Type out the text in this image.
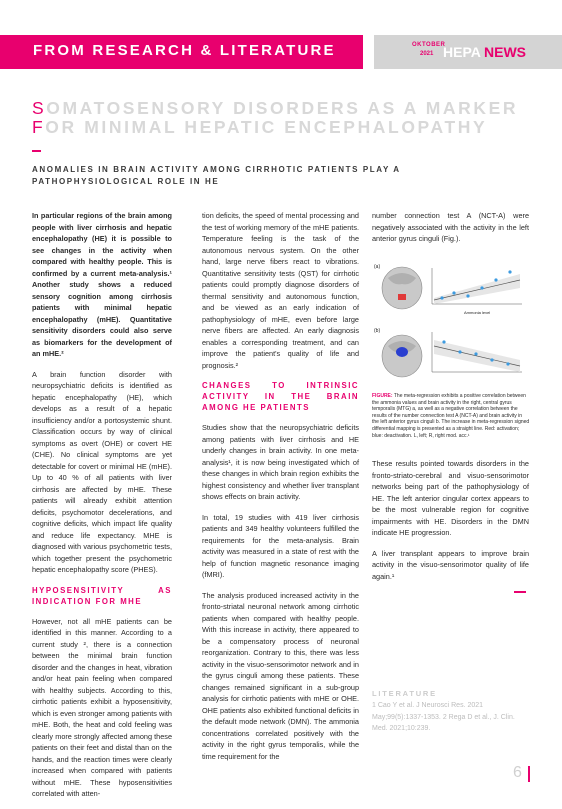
FROM RESEARCH & LITERATURE	OKTOBER
2021 HEPA NEWS
SOMATOSENSORY DISORDERS AS A MARKER
FOR MINIMAL HEPATIC ENCEPHALOPATHY
ANOMALIES IN BRAIN ACTIVITY AMONG CIRRHOTIC PATIENTS PLAY A PATHOPHYSIOLOGICAL ROLE IN HE

In particular regions of the brain among people with liver cirrhosis and hepatic encephalopathy (HE) it is possible to see changes in the activity when compared with healthy people. This is confirmed by a current meta-analysis.¹ Another study shows a reduced sensory cognition among cirrhosis patients with minimal hepatic encephalopathy (mHE). Quantitative sensitivity disorders could also serve as biomarkers for the development of an mHE.²

A brain function disorder with neuropsychiatric deficits is identified as hepatic encephalopathy (HE), which develops as a result of a hepatic insufficiency and/or a portosystemic shunt. Classification occurs by way of clinical symptoms as overt (OHE) or covert HE (CHE). No clinical symptoms are yet detectable for covert or minimal HE (mHE). Up to 40 % of all patients with liver cirrhosis are affected by mHE. These patients will already exhibit attention deficits, psychomotor decelerations, and cognitive deficits, which impact life quality and reduce life expectancy. MHE is diagnosed with various psychometric tests, which together present the psychometric hepatic encephalopathy score (PHES).

HYPOSENSITIVITY AS INDICATION FOR MHE

However, not all mHE patients can be identified in this manner. According to a current study ², there is a connection between the minimal brain function disorder and the changes in heat, vibration and/or heat pain feeling when compared with healthy subjects. According to this, cirrhotic patients exhibit a hyposensitivity, which is even stronger among patients with mHE. Both, the heat and cold feeling was clearly more strongly affected among these patients on their feet and distal than on the hands, and the reaction times were clearly increased when compared with patients without mHE. These hyposensitivities correlated with atten-

tion deficits, the speed of mental processing and the test of working memory of the mHE patients. Temperature feeling is the task of the autonomous nervous system. On the other hand, large nerve fibers react to vibrations. Quantitative sensitivity tests (QST) for cirrhotic patients could promptly diagnose disorders of thermal sensitivity and autonomous function, and be viewed as an early indication of pathophysiology of mHE, even before large nerve fibers are affected. An early diagnosis enables a corresponding treatment, and can improve the patient's quality of life and prognosis.²

CHANGES TO INTRINSIC ACTIVITY IN THE BRAIN AMONG HE PATIENTS

Studies show that the neuropsychiatric deficits among patients with liver cirrhosis and HE underly changes in brain activity. In one meta-analysis¹, it is now being investigated which of these changes in which brain region exhibits the highest consistency and whether liver transplant shows effects on brain activity.

In total, 19 studies with 419 liver cirrhosis patients and 349 healthy volunteers fulfilled the requirements for the meta-analysis. Brain activity was measured in a state of rest with the help of function magnetic resonance imaging (fMRI).

The analysis produced increased activity in the fronto-striatal neuronal network among cirrhotic patients when compared with healthy people. With this increase in activity, there appeared to be a compensatory process of neuronal reorganization. Contrary to this, there was less activity in the visuo-sensorimotor network and in the gyrus cinguli among these patients. These changes remained significant in a sub-group analysis for cirrhotic patients with mHE or OHE. OHE patients also exhibited functional deficits in the default mode network (DMN). The ammonia concentrations correlated positively with the activity in the right gyrus temporalis, while the time requirement for the

number connection test A (NCT-A) were negatively associated with the activity in the left anterior gyrus cinguli (Fig.).

(a)
Ammonia level
(b)
FIGURE: The meta-regression exhibits a positive correlation between the ammonia values and brain activity in the right, central gyrus temporalis (MTG) a, as well as a negative correlation between the results of the number connection test A (NCT-A) and brain activity in the left anterior gyrus cinguli b. The increase in meta-regression signed differential mapping is presented as a straight line. Red: activation; blue: deactivation. L, left; R, right mod. acc.¹

These results pointed towards disorders in the fronto-striato-cerebral and visuo-sensorimotor networks being part of the pathophysiology of HE. The left anterior cingular cortex appears to be the most vulnerable region for cognitive impairments with HE. Disorders in the DMN indicate HE progression.

A liver transplant appears to improve brain activity in the visuo-sensorimotor quality of life again.¹

LITERATURE
1 Cao Y et al. J Neurosci Res. 2021 May;99(5):1337-1353. 2 Rega D et al., J. Clin. Med. 2021;10:239.
6
